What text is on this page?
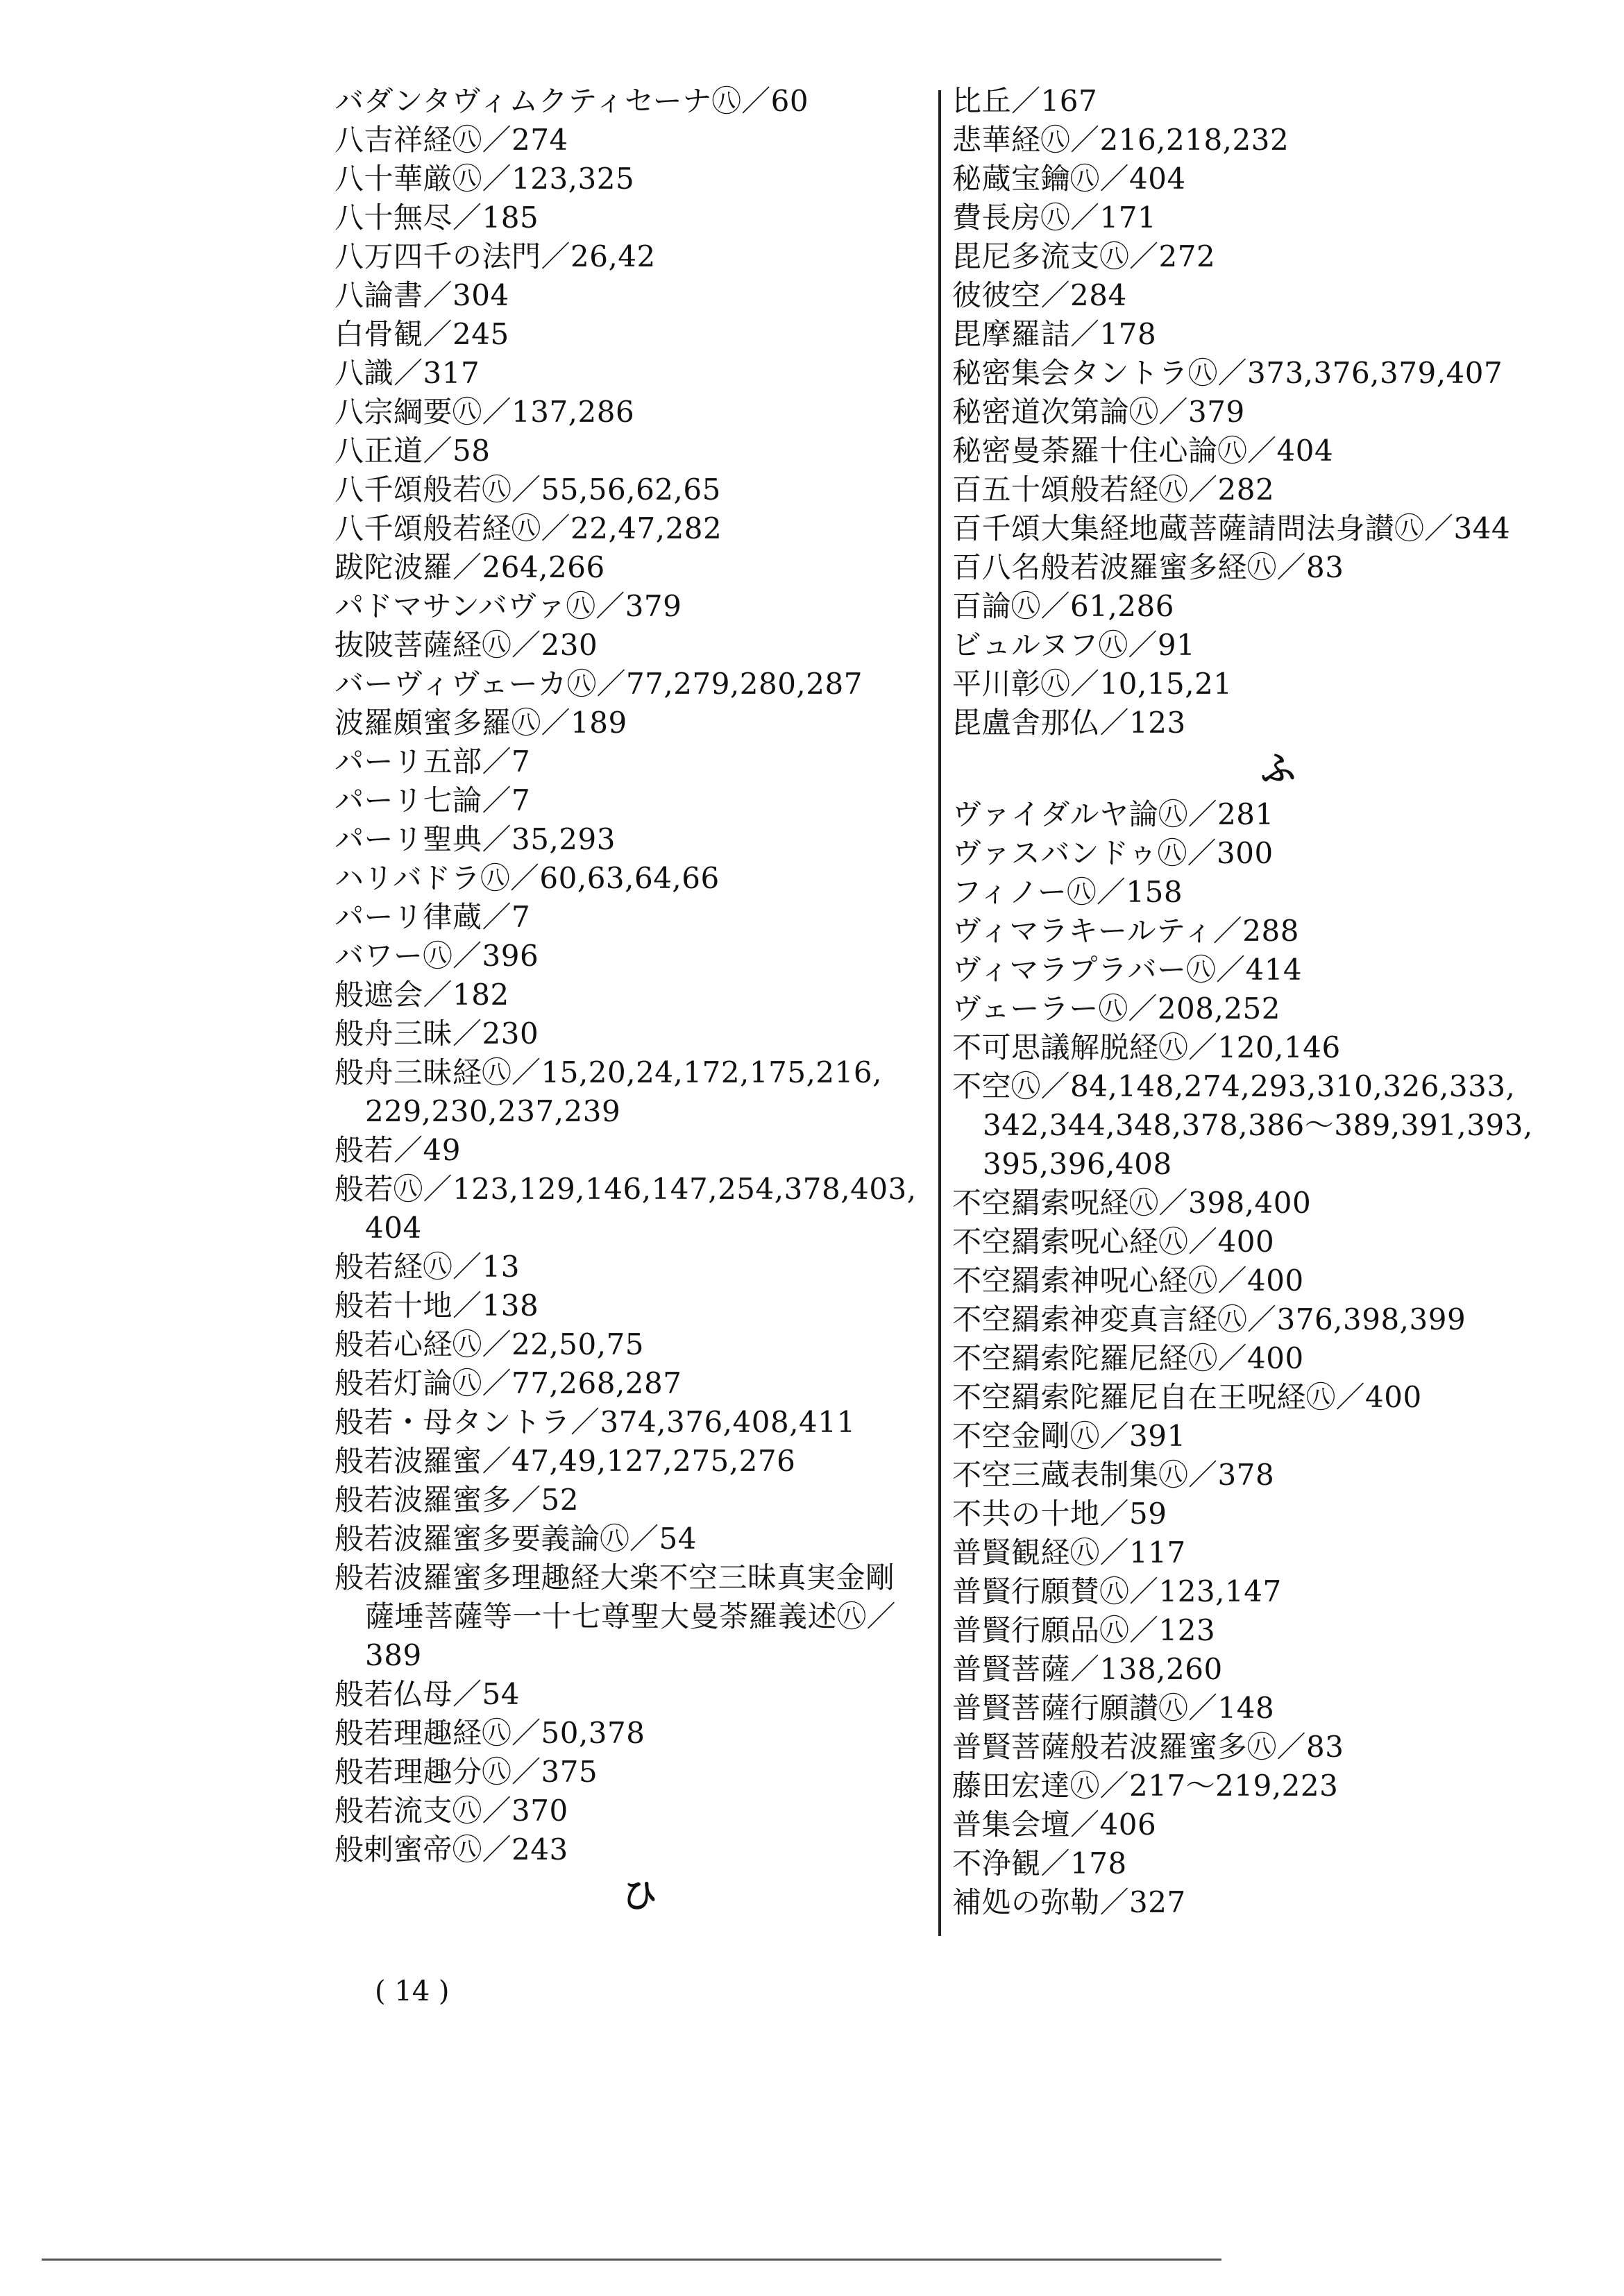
バダンタヴィムクティセーナ㊇／60
八吉祥経㊇／274
八十華厳㊇／123,325
八十無尽／185
八万四千の法門／26,42
八論書／304
白骨観／245
八識／317
八宗綱要㊇／137,286
八正道／58
八千頌般若㊇／55,56,62,65
八千頌般若経㊇／22,47,282
跋陀波羅／264,266
パドマサンバヴァ㊇／379
抜陂菩薩経㊇／230
バーヴィヴェーカ㊇／77,279,280,287
波羅頗蜜多羅㊇／189
パーリ五部／7
パーリ七論／7
パーリ聖典／35,293
ハリバドラ㊇／60,63,64,66
パーリ律蔵／7
バワー㊇／396
般遮会／182
般舟三昧／230
般舟三昧経㊇／15,20,24,172,175,216,
229,230,237,239
般若／49
般若㊇／123,129,146,147,254,378,403,
404
般若経㊇／13
般若十地／138
般若心経㊇／22,50,75
般若灯論㊇／77,268,287
般若・母タントラ／374,376,408,411
般若波羅蜜／47,49,127,275,276
般若波羅蜜多／52
般若波羅蜜多要義論㊇／54
般若波羅蜜多理趣経大楽不空三昧真実金剛
薩埵菩薩等一十七尊聖大曼荼羅義述㊇／
389
般若仏母／54
般若理趣経㊇／50,378
般若理趣分㊇／375
般若流支㊇／370
般剌蜜帝㊇／243
ひ
比丘／167
悲華経㊇／216,218,232
秘蔵宝鑰㊇／404
費長房㊇／171
毘尼多流支㊇／272
彼彼空／284
毘摩羅詰／178
秘密集会タントラ㊇／373,376,379,407
秘密道次第論㊇／379
秘密曼荼羅十住心論㊇／404
百五十頌般若経㊇／282
百千頌大集経地蔵菩薩請問法身讃㊇／344
百八名般若波羅蜜多経㊇／83
百論㊇／61,286
ビュルヌフ㊇／91
平川彰㊇／10,15,21
毘盧舎那仏／123
ふ
ヴァイダルヤ論㊇／281
ヴァスバンドゥ㊇／300
フィノー㊇／158
ヴィマラキールティ／288
ヴィマラプラバー㊇／414
ヴェーラー㊇／208,252
不可思議解脱経㊇／120,146
不空㊇／84,148,274,293,310,326,333,
342,344,348,378,386～389,391,393,
395,396,408
不空羂索呪経㊇／398,400
不空羂索呪心経㊇／400
不空羂索神呪心経㊇／400
不空羂索神変真言経㊇／376,398,399
不空羂索陀羅尼経㊇／400
不空羂索陀羅尼自在王呪経㊇／400
不空金剛㊇／391
不空三蔵表制集㊇／378
不共の十地／59
普賢観経㊇／117
普賢行願賛㊇／123,147
普賢行願品㊇／123
普賢菩薩／138,260
普賢菩薩行願讃㊇／148
普賢菩薩般若波羅蜜多㊇／83
藤田宏達㊇／217～219,223
普集会壇／406
不浄観／178
補処の弥勒／327
( 14 )
